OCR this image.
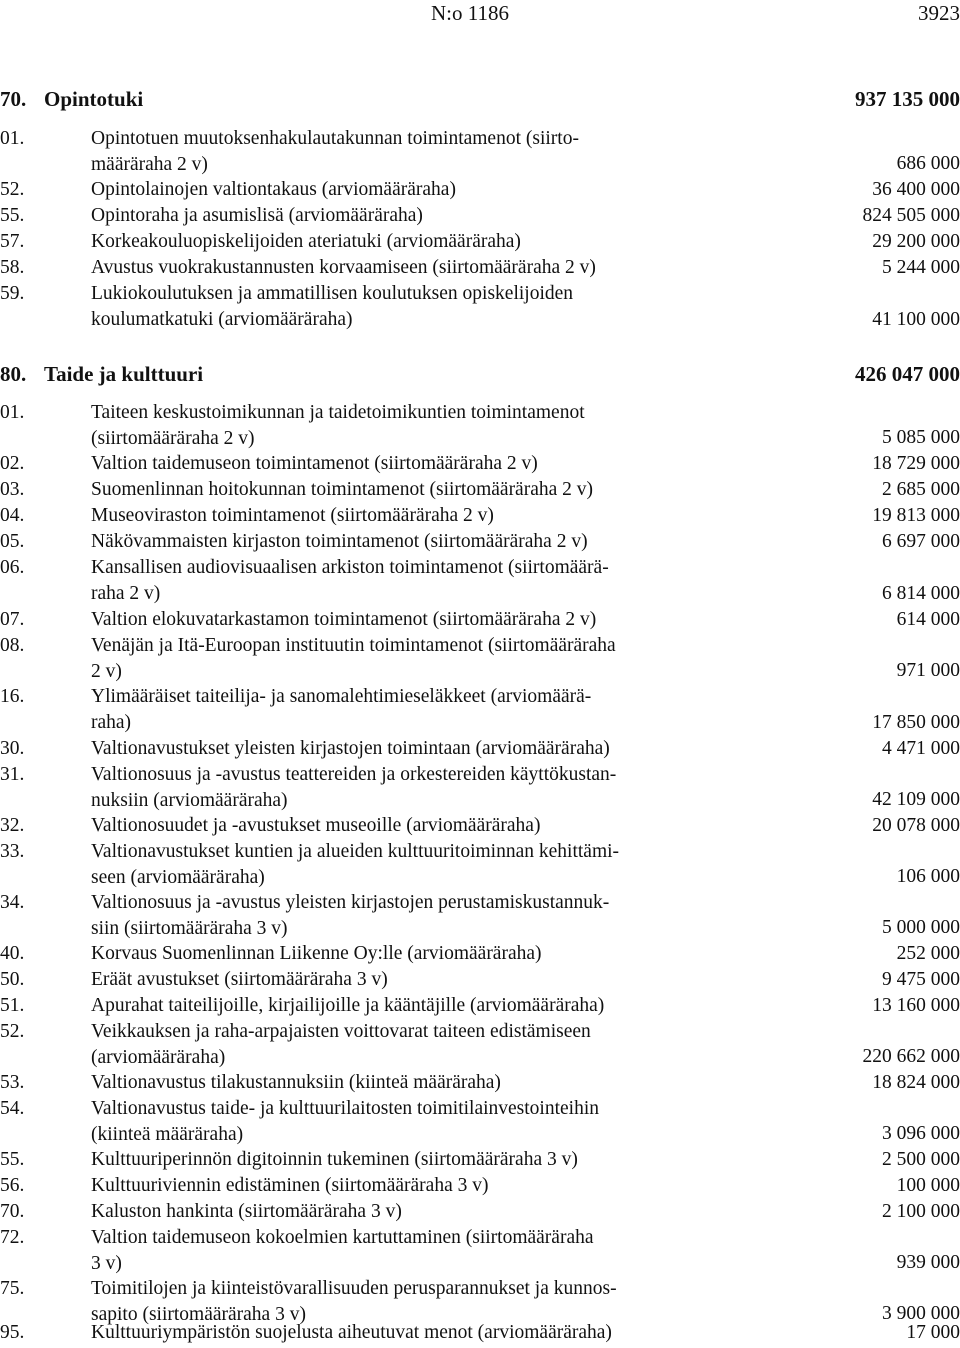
N:o 1186	3923
70. Opintotuki	937 135 000
01.	Opintotuen muutoksenhakulautakunnan toimintamenot (siirto-
määräraha 2 v)	686 000
52.	Opintolainojen valtiontakaus (arviomääräraha)	36 400 000
55.	Opintoraha ja asumislisä (arviomääräraha)	824 505 000
57.	Korkeakouluopiskelijoiden ateriatuki (arviomääräraha)	29 200 000
58.	Avustus vuokrakustannusten korvaamiseen (siirtomääräraha 2 v)	5 244 000
59.	Lukiokoulutuksen ja ammatillisen koulutuksen opiskelijoiden
koulumatkatuki (arviomääräraha)	41 100 000
80. Taide ja kulttuuri	426 047 000
01.	Taiteen keskustoimikunnan ja taidetoimikuntien toimintamenot
(siirtomääräraha 2 v)	5 085 000
02.	Valtion taidemuseon toimintamenot (siirtomääräraha 2 v)	18 729 000
03.	Suomenlinnan hoitokunnan toimintamenot (siirtomääräraha 2 v)	2 685 000
04.	Museoviraston toimintamenot (siirtomääräraha 2 v)	19 813 000
05.	Näkövammaisten kirjaston toimintamenot (siirtomääräraha 2 v)	6 697 000
06.	Kansallisen audiovisuaalisen arkiston toimintamenot (siirtomäärä-
raha 2 v)	6 814 000
07.	Valtion elokuvatarkastamon toimintamenot (siirtomääräraha 2 v)	614 000
08.	Venäjän ja Itä-Euroopan instituutin toimintamenot (siirtomääräraha
2 v)	971 000
16.	Ylimääräiset taiteilija- ja sanomalehtimieseläkkeet (arviomäärä-
raha)	17 850 000
30.	Valtionavustukset yleisten kirjastojen toimintaan (arviomääräraha)	4 471 000
31.	Valtionosuus ja -avustus teattereiden ja orkestereiden käyttökustan-
nuksiin (arviomääräraha)	42 109 000
32.	Valtionosuudet ja -avustukset museoille (arviomääräraha)	20 078 000
33.	Valtionavustukset kuntien ja alueiden kulttuuritoiminnan kehittämi-
seen (arviomääräraha)	106 000
34.	Valtionosuus ja -avustus yleisten kirjastojen perustamiskustannuk-
siin (siirtomääräraha 3 v)	5 000 000
40.	Korvaus Suomenlinnan Liikenne Oy:lle (arviomääräraha)	252 000
50.	Eräät avustukset (siirtomääräraha 3 v)	9 475 000
51.	Apurahat taiteilijoille, kirjailijoille ja kääntäjille (arviomääräraha)	13 160 000
52.	Veikkauksen ja raha-arpajaisten voittovarat taiteen edistämiseen
(arviomääräraha)	220 662 000
53.	Valtionavustus tilakustannuksiin (kiinteä määräraha)	18 824 000
54.	Valtionavustus taide- ja kulttuurilaitosten toimitilainvestointeihin
(kiinteä määräraha)	3 096 000
55.	Kulttuuriperinnön digitoinnin tukeminen (siirtomääräraha 3 v)	2 500 000
56.	Kulttuuriviennin edistäminen (siirtomääräraha 3 v)	100 000
70.	Kaluston hankinta (siirtomääräraha 3 v)	2 100 000
72.	Valtion taidemuseon kokoelmien kartuttaminen (siirtomääräraha
3 v)	939 000
75.	Toimitilojen ja kiinteistövarallisuuden perusparannukset ja kunnos-
sapito (siirtomääräraha 3 v)	3 900 000
95.	Kulttuuriympäristön suojelusta aiheutuvat menot (arviomääräraha)	17 000
